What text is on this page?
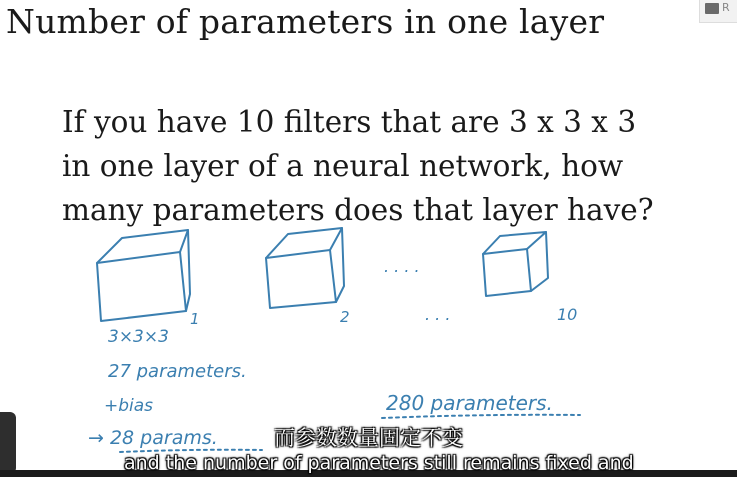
Number of parameters in one layer
If you have 10 filters that are 3 x 3 x 3
in one layer of a neural network, how
many parameters does that layer have?
R
1	2	10
. . . .
. . .
3×3×3
27 parameters.
+bias
→ 28 params.
280 parameters.
而参数数量固定不变
and the number of parameters still remains fixed and
